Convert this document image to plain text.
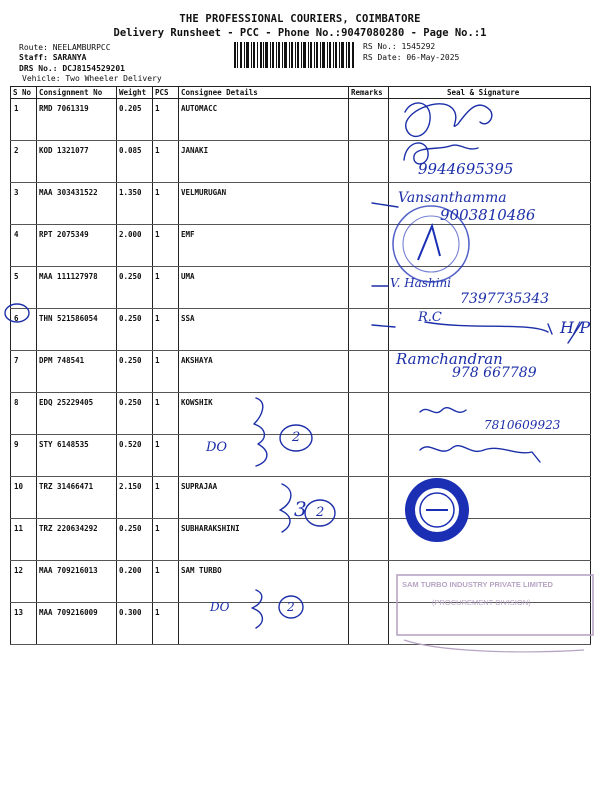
THE PROFESSIONAL COURIERS, COIMBATORE
Delivery Runsheet - PCC - Phone No.:9047080280 - Page No.:1
Route: NEELAMBURPCC
Staff: SARANYA
DRS No.: DCJ8154529201
Vehicle: Two Wheeler Delivery
RS No.: 1545292
RS Date: 06-May-2025
S No	Consignment No	Weight	PCS	Consignee Details	Remarks	Seal & Signature
1	RMD 7061319	0.205	1	AUTOMACC		
2	KOD 1321077	0.085	1	JANAKI		
3	MAA 303431522	1.350	1	VELMURUGAN		
4	RPT 2075349	2.000	1	EMF		
5	MAA 111127978	0.250	1	UMA		
6	THN 521586054	0.250	1	SSA		
7	DPM 748541	0.250	1	AKSHAYA		
8	EDQ 25229405	0.250	1	KOWSHIK		
9	STY 6148535	0.520	1			
10	TRZ 31466471	2.150	1	SUPRAJAA		
11	TRZ 220634292	0.250	1	SUBHARAKSHINI		
12	MAA 709216013	0.200	1	SAM TURBO		
13	MAA 709216009	0.300	1			
9944695395
Vansanthamma
9003810486
V. Hashini
7397735343
R.C
H/P
Ramchandran
978 667789
7810609923
DO
2
3 2
DO	2
SAM TURBO INDUSTRY PRIVATE LIMITED
(PROCUREMENT DIVISION)
